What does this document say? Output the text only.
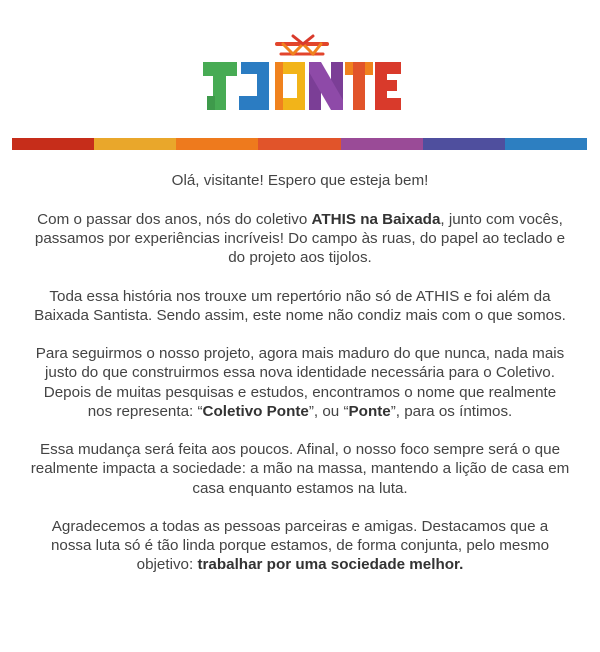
Olá, visitante! Espero que esteja bem!

Com o passar dos anos, nós do coletivo ATHIS na Baixada, junto com vocês, passamos por experiências incríveis! Do campo às ruas, do papel ao teclado e do projeto aos tijolos.

Toda essa história nos trouxe um repertório não só de ATHIS e foi além da Baixada Santista. Sendo assim, este nome não condiz mais com o que somos.

Para seguirmos o nosso projeto, agora mais maduro do que nunca, nada mais justo do que construirmos essa nova identidade necessária para o Coletivo. Depois de muitas pesquisas e estudos, encontramos o nome que realmente nos representa: “Coletivo Ponte”, ou “Ponte”, para os íntimos.

Essa mudança será feita aos poucos. Afinal, o nosso foco sempre será o que realmente impacta a sociedade: a mão na massa, mantendo a lição de casa em casa enquanto estamos na luta.

Agradecemos a todas as pessoas parceiras e amigas. Destacamos que a nossa luta só é tão linda porque estamos, de forma conjunta, pelo mesmo objetivo: trabalhar por uma sociedade melhor.
